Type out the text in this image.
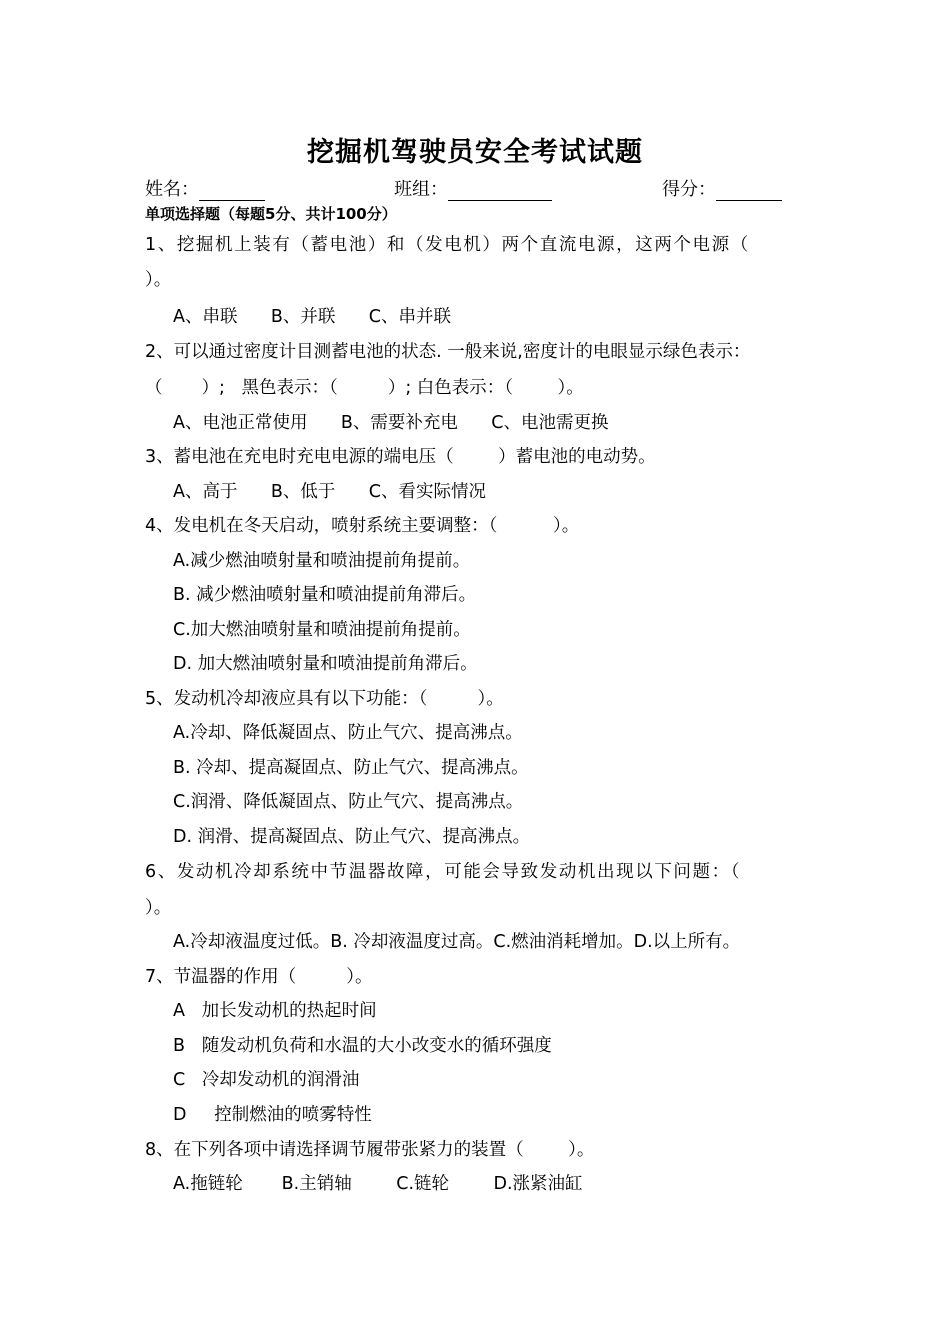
挖掘机驾驶员安全考试试题
姓名：	班组：	得分：
单项选择题（每题5分、共计100分）
1、挖掘机上装有（蓄电池）和（发电机）两个直流电源，这两个电源（
）。
A、串联      B、并联      C、串并联
2、可以通过密度计目测蓄电池的状态. 一般来说,密度计的电眼显示绿色表示：
（       ）;   黑色表示：（         ）; 白色表示：（        ）。
A、电池正常使用      B、需要补充电      C、电池需更换
3、蓄电池在充电时充电电源的端电压（        ）蓄电池的电动势。
A、高于      B、低于      C、看实际情况
4、发电机在冬天启动，喷射系统主要调整：（          ）。
A.减少燃油喷射量和喷油提前角提前。
B. 减少燃油喷射量和喷油提前角滞后。
C.加大燃油喷射量和喷油提前角提前。
D. 加大燃油喷射量和喷油提前角滞后。
5、发动机冷却液应具有以下功能：（         ）。
A.冷却、降低凝固点、防止气穴、提高沸点。
B. 冷却、提高凝固点、防止气穴、提高沸点。
C.润滑、降低凝固点、防止气穴、提高沸点。
D. 润滑、提高凝固点、防止气穴、提高沸点。
6、发动机冷却系统中节温器故障，可能会导致发动机出现以下问题：（
）。
A.冷却液温度过低。B. 冷却液温度过高。C.燃油消耗增加。D.以上所有。
7、节温器的作用（         ）。
A   加长发动机的热起时间
B   随发动机负荷和水温的大小改变水的循环强度
C   冷却发动机的润滑油
D     控制燃油的喷雾特性
8、在下列各项中请选择调节履带张紧力的装置（        ）。
A.拖链轮       B.主销轴        C.链轮        D.涨紧油缸
